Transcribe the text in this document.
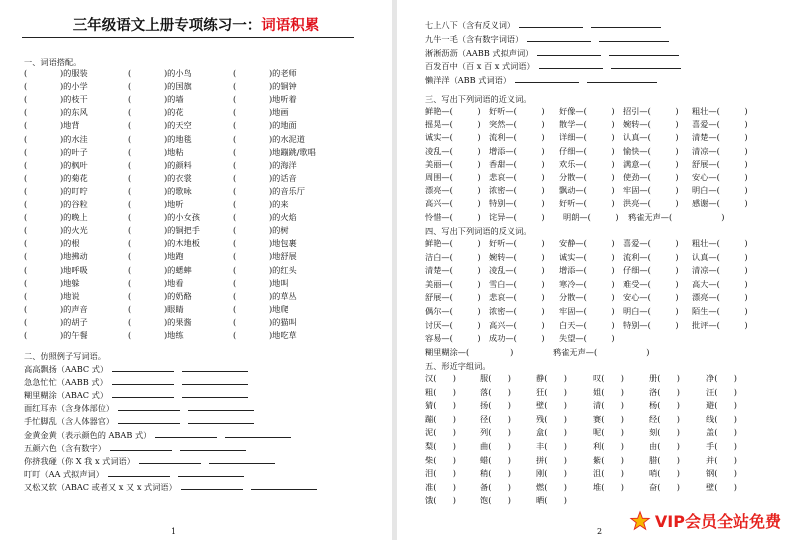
三年级语文上册专项练习一：词语积累
一、词语搭配。
(　　　　)的服装	(　　　　)的小鸟	(　　　　)的老师
(　　　　)的小学	(　　　　)的国旗	(　　　　)的铜钟
(　　　　)的枝干	(　　　　)的墙	(　　　　)地听着
(　　　　)的东风	(　　　　)的花	(　　　　)地画
(　　　　)地背	(　　　　)的天空	(　　　　)的地面
(　　　　)的水洼	(　　　　)的地毯	(　　　　)的水泥道
(　　　　)的叶子	(　　　　)地粘	(　　　　)地蹦跳/歌唱
(　　　　)的枫叶	(　　　　)的颜料	(　　　　)的海洋
(　　　　)的菊花	(　　　　)的衣裳	(　　　　)的话音
(　　　　)的叮咛	(　　　　)的歌咏	(　　　　)的音乐厅
(　　　　)的谷粒	(　　　　)地听	(　　　　)的来
(　　　　)的晚上	(　　　　)的小女孩	(　　　　)的火焰
(　　　　)的火光	(　　　　)的铜把手	(　　　　)的树
(　　　　)的根	(　　　　)的木地板	(　　　　)地包裹
(　　　　)地拂动	(　　　　)地跑	(　　　　)地舒展
(　　　　)地呼吸	(　　　　)的蟋蟀	(　　　　)的红头
(　　　　)地躲	(　　　　)地看	(　　　　)地叫
(　　　　)地说	(　　　　)的奶酪	(　　　　)的草丛
(　　　　)的声音	(　　　　)眼睛	(　　　　)地爬
(　　　　)的胡子	(　　　　)的果酱	(　　　　)的猫叫
(　　　　)的午餐	(　　　　)地练	(　　　　)地吃草
二、仿照例子写词语。
高高飘扬（AABC 式）
急急忙忙（AABB 式）
糊里糊涂（ABAC 式）
面红耳赤（含身体部位）
手忙脚乱（含人体器官）
金黄金黄（表示颜色的 ABAB 式）
五颜六色（含有数字）
你挤我碰（你 X 我 x 式词语）
叮叮（AA 式拟声词）
又松又软（ABAC 或者又 x 又 x 式词语）
1
七上八下（含有反义词）
九牛一毛（含有数字词语）
淅淅沥沥（AABB 式拟声词）
百发百中（百 x 百 x 式词语）
懒洋洋（ABB 式词语）
三、写出下列词语的近义词。
鲜艳—(　　　) 好听—(　　　) 好像—(　　　) 招引—(　　　) 粗壮—(　　　)
摇晃—(　　　) 突然—(　　　) 散学—(　　　) 婉转—(　　　) 喜爱—(　　　)
诚实—(　　　) 流利—(　　　) 详细—(　　　) 认真—(　　　) 清楚—(　　　)
凌乱—(　　　) 增添—(　　　) 仔细—(　　　) 愉快—(　　　) 清凉—(　　　)
美丽—(　　　) 香甜—(　　　) 欢乐—(　　　) 满意—(　　　) 舒展—(　　　)
周围—(　　　) 悲哀—(　　　) 分散—(　　　) 使劲—(　　　) 安心—(　　　)
漂亮—(　　　) 浓密—(　　　) 飘动—(　　　) 牢固—(　　　) 明白—(　　　)
高兴—(　　　) 特别—(　　　) 好听—(　　　) 洪亮—(　　　) 感谢—(　　　)
怜惜—(　　　) 诧异—(　　　) 明朗—(　　　) 鸦雀无声—(　　　　　　)
四、写出下列词语的反义词。
鲜艳—(　　　) 好听—(　　　) 安静—(　　　) 喜爱—(　　　) 粗壮—(　　　)
洁白—(　　　) 婉转—(　　　) 诚实—(　　　) 流利—(　　　) 认真—(　　　)
清楚—(　　　) 凌乱—(　　　) 增添—(　　　) 仔细—(　　　) 清凉—(　　　)
美丽—(　　　) 雪白—(　　　) 寒冷—(　　　) 难受—(　　　) 高大—(　　　)
舒展—(　　　) 悲哀—(　　　) 分散—(　　　) 安心—(　　　) 漂亮—(　　　)
偶尔—(　　　) 浓密—(　　　) 牢固—(　　　) 明白—(　　　) 陌生—(　　　)
讨厌—(　　　) 高兴—(　　　) 白天—(　　　) 特别—(　　　) 批评—(　　　)
容易—(　　　) 成功—(　　　) 失望—(　　　)
糊里糊涂—(　　　　　)	鸦雀无声—(　　　　　　)
五、形近字组词。
汉(　　)	服(　　)	静(　　)	叹(　　)	册(　　)	净(　　)
粗(　　)	落(　　)	狂(　　)	姐(　　)	洛(　　)	汪(　　)
猜(　　)	扬(　　)	壁(　　)	清(　　)	杨(　　)	避(　　)
蹦(　　)	径(　　)	残(　　)	赛(　　)	经(　　)	线(　　)
泥(　　)	列(　　)	盒(　　)	呢(　　)	刻(　　)	盖(　　)
梨(　　)	曲(　　)	丰(　　)	利(　　)	由(　　)	手(　　)
柴(　　)	蜡(　　)	拼(　　)	紫(　　)	腊(　　)	并(　　)
泪(　　)	稍(　　)	刚(　　)	沮(　　)	哨(　　)	钢(　　)
准(　　)	备(　　)	燃(　　)	堆(　　)	奋(　　)	壁(　　)
饿(　　)	饱(　　)	晒(　　)
2
VIP会员全站免费
